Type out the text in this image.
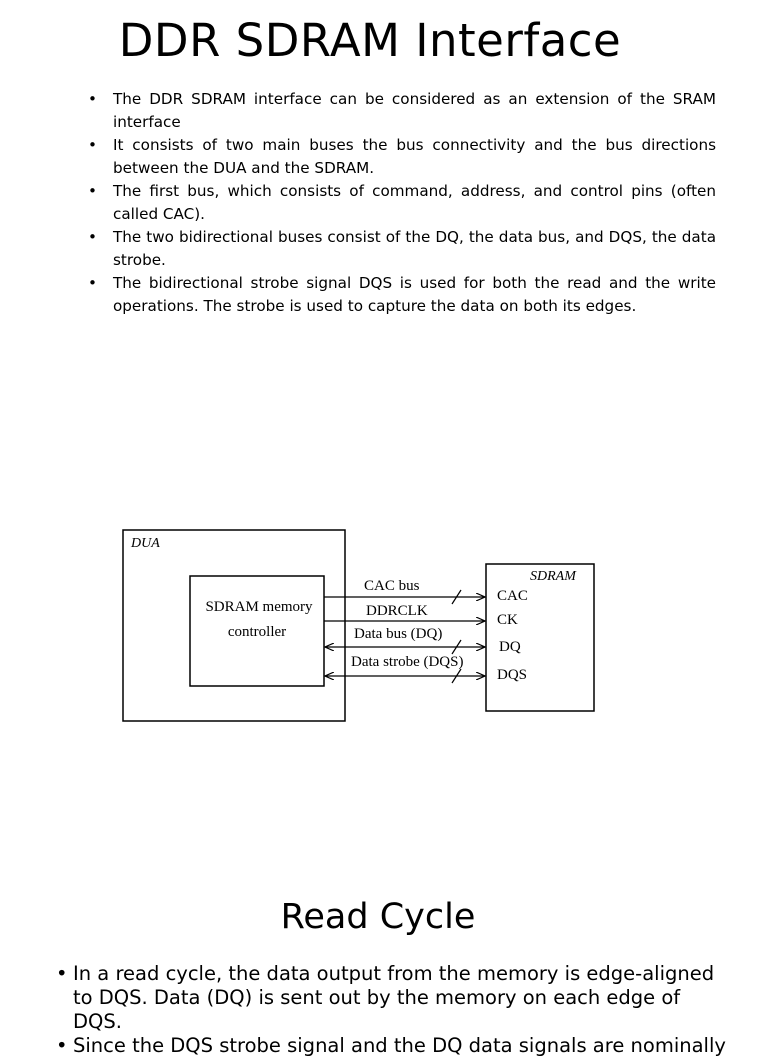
DDR SDRAM Interface
• The DDR SDRAM interface can be considered as an extension of the SRAM interface
• It consists of two main buses the bus connectivity and the bus directions between the DUA and the SDRAM.
• The first bus, which consists of command, address, and control pins (often called CAC).
• The two bidirectional buses consist of the DQ, the data bus, and DQS, the data strobe.
• The bidirectional strobe signal DQS is used for both the read and the write operations. The strobe is used to capture the data on both its edges.
DUA
SDRAM memory
controller
SDRAM
CAC bus
DDRCLK
Data bus (DQ)
Data strobe (DQS)
CAC
CK
DQ
DQS
Read Cycle
• In a read cycle, the data output from the memory is edge-aligned to DQS. Data (DQ) is sent out by the memory on each edge of DQS.
• Since the DQS strobe signal and the DQ data signals are nominally
